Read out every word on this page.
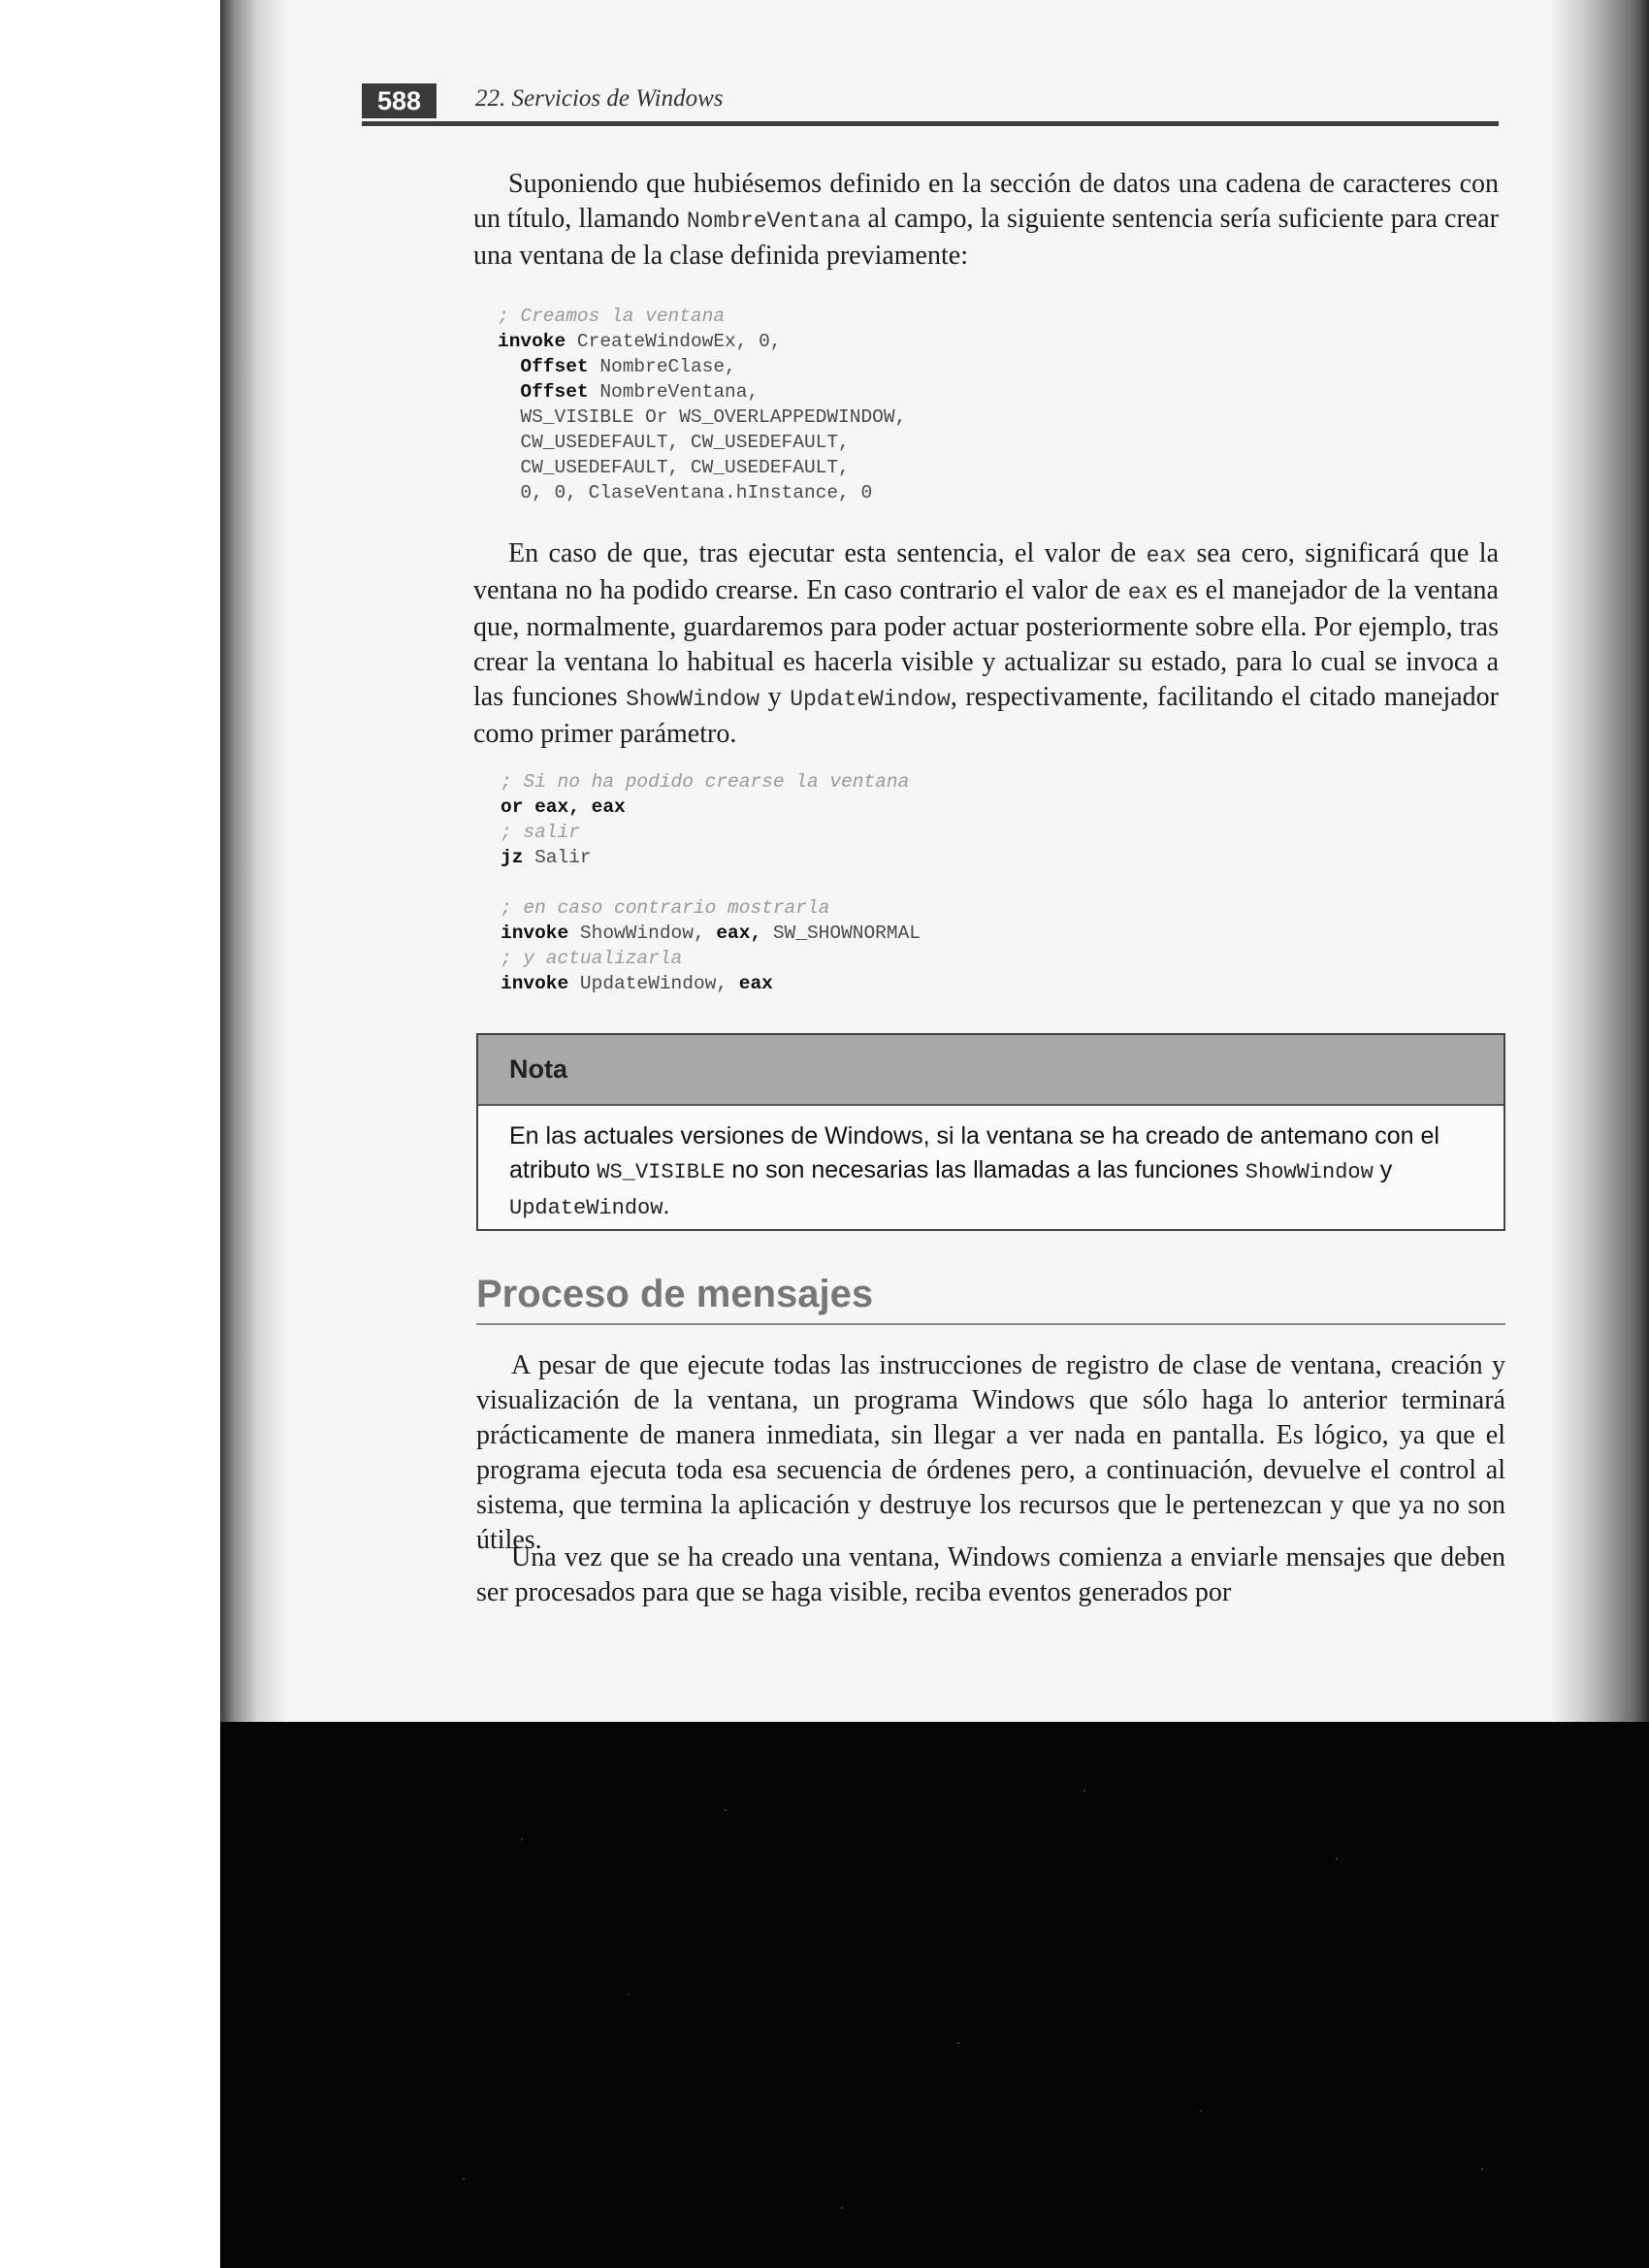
588	22. Servicios de Windows

Suponiendo que hubiésemos definido en la sección de datos una cadena de caracteres con un título, llamando NombreVentana al campo, la siguiente sentencia sería suficiente para crear una ventana de la clase definida previamente:

; Creamos la ventana
invoke CreateWindowEx, 0,
Offset NombreClase,
Offset NombreVentana,
WS_VISIBLE Or WS_OVERLAPPEDWINDOW,
CW_USEDEFAULT, CW_USEDEFAULT,
CW_USEDEFAULT, CW_USEDEFAULT,
0, 0, ClaseVentana.hInstance, 0

En caso de que, tras ejecutar esta sentencia, el valor de eax sea cero, significará que la ventana no ha podido crearse. En caso contrario el valor de eax es el manejador de la ventana que, normalmente, guardaremos para poder actuar posteriormente sobre ella. Por ejemplo, tras crear la ventana lo habitual es hacerla visible y actualizar su estado, para lo cual se invoca a las funciones ShowWindow y UpdateWindow, respectivamente, facilitando el citado manejador como primer parámetro.

; Si no ha podido crearse la ventana
or eax, eax
; salir
jz Salir

; en caso contrario mostrarla
invoke ShowWindow, eax, SW_SHOWNORMAL
; y actualizarla
invoke UpdateWindow, eax
Nota
En las actuales versiones de Windows, si la ventana se ha creado de antemano con el atributo WS_VISIBLE no son necesarias las llamadas a las funciones ShowWindow y UpdateWindow.
Proceso de mensajes

A pesar de que ejecute todas las instrucciones de registro de clase de ventana, creación y visualización de la ventana, un programa Windows que sólo haga lo anterior terminará prácticamente de manera inmediata, sin llegar a ver nada en pantalla. Es lógico, ya que el programa ejecuta toda esa secuencia de órdenes pero, a continuación, devuelve el control al sistema, que termina la aplicación y destruye los recursos que le pertenezcan y que ya no son útiles.

Una vez que se ha creado una ventana, Windows comienza a enviarle mensajes que deben ser procesados para que se haga visible, reciba eventos generados por
